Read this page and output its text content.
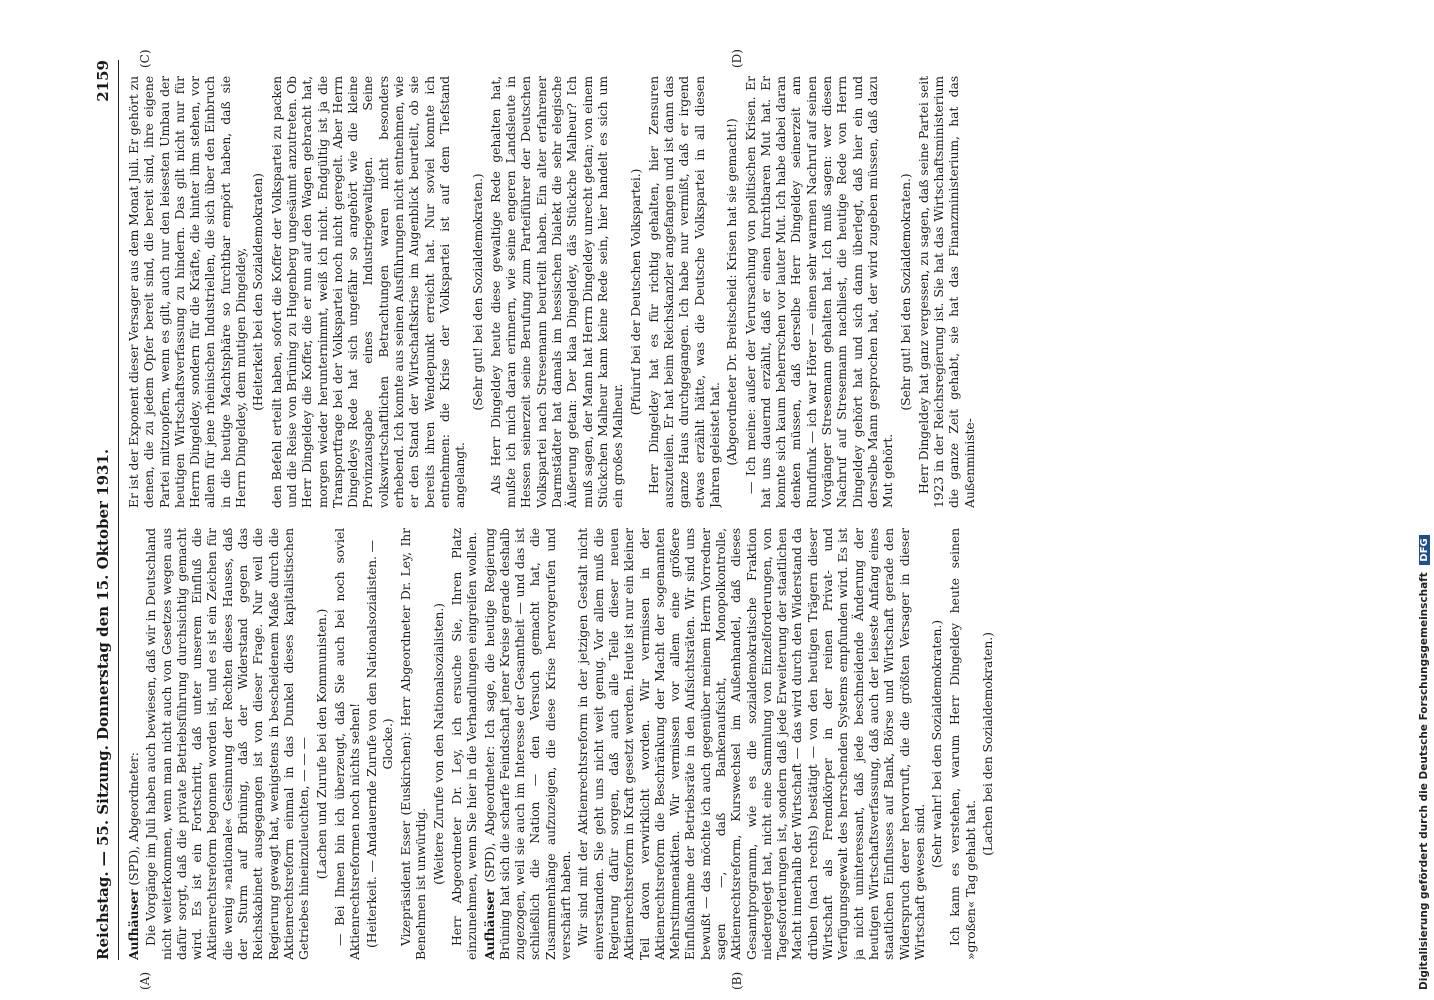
Reichstag. — 55. Sitzung. Donnerstag den 15. Oktober 1931.
2159

Aufhäuser (SPD), Abgeordneter: Die Vorgänge im Juli haben auch bewiesen, daß wir in Deutschland nicht weiterkommen, wenn man nicht auch von Gesetzes wegen aus dafür sorgt, daß die private Betriebsführung durchsichtig gemacht wird. Es ist ein Fortschritt, daß unter unserem Einfluß die Aktienrechtsreform begonnen worden ist, und es ist ein Zeichen für die wenig »nationale« Gesinnung der Rechten dieses Hauses, daß der Sturm auf Brüning, daß der Widerstand gegen das Reichskabinett ausgegangen ist von dieser Frage. Nur weil die Regierung gewagt hat, wenigstens in bescheidenem Maße durch die Aktienrechtsreform einmal in das Dunkel dieses kapitalistischen Getriebes hineinzuleuchten, — — — (Lachen und Zurufe bei den Kommunisten.) — Bei Ihnen bin ich überzeugt, daß Sie auch bei noch soviel Aktienrechtsreformen noch nichts sehen! (Heiterkeit. — Andauernde Zurufe von den Nationalsozialisten. — Glocke.) Vizepräsident Esser (Euskirchen): Herr Abgeordneter Dr. Ley, Ihr Benehmen ist unwürdig. (Weitere Zurufe von den Nationalsozialisten.) Herr Abgeordneter Dr. Ley, ich ersuche Sie, Ihren Platz einzunehmen, wenn Sie hier in die Verhandlungen eingreifen wollen. Aufhäuser (SPD), Abgeordneter: Ich sage, die heutige Regierung Brüning hat sich die scharfe Feindschaft jener Kreise gerade deshalb zugezogen, weil sie auch im Interesse der Gesamtheit — und das ist schließlich die Nation — den Versuch gemacht hat, die Zusammenhänge aufzuzeigen, die diese Krise hervorgerufen und verschärft haben. Wir sind mit der Aktienrechtsreform in der jetzigen Gestalt nicht einverstanden. Sie geht uns nicht weit genug. Vor allem muß die Regierung dafür sorgen, daß auch alle Teile dieser neuen Aktienrechtsreform in Kraft gesetzt werden. Heute ist nur ein kleiner Teil davon verwirklicht worden. Wir vermissen in der Aktienrechtsreform die Beschränkung der Macht der sogenannten Mehrstimmenaktien. Wir vermissen vor allem eine größere Einflußnahme der Betriebsräte in den Aufsichtsräten. Wir sind uns bewußt — das möchte ich auch gegenüber meinem Herrn Vorredner sagen —, daß Bankenaufsicht, Monopolkontrolle, Aktienrechtsreform, Kurswechsel im Außenhandel, daß dieses Gesamtprogramm, wie es die sozialdemokratische Fraktion niedergelegt hat, nicht eine Sammlung von Einzelforderungen, von Tagesforderungen ist, sondern daß jede Erweiterung der staatlichen Macht innerhalb der Wirtschaft — das wird durch den Widerstand da drüben (nach rechts) bestätigt — von den heutigen Trägern dieser Wirtschaft als Fremdkörper in der reinen Privat- und Verfügungsgewalt des herrschenden Systems empfunden wird. Es ist ja nicht uninteressant, daß jede beschneidende Änderung der heutigen Wirtschaftsverfassung, daß auch der leiseste Anfang eines staatlichen Einflusses auf Bank, Börse und Wirtschaft gerade den Widerspruch derer hervorruft, die die größten Versager in dieser Wirtschaft gewesen sind.

(Sehr wahr! bei den Sozialdemokraten.) Ich kann es verstehen, warum Herr Dingeldey heute seinen »großen« Tag gehabt hat.

(Lachen bei den Sozialdemokraten.)

Er ist der Exponent dieser Versager aus dem Monat Juli. Er gehört zu denen, die zu jedem Opfer bereit sind, die bereit sind, ihre eigene Partei mitzuopfern, wenn es gilt, auch nur den leisesten Umbau der heutigen Wirtschaftsverfassung zu hindern. Das gilt nicht nur für Herrn Dingeldey, sondern für die Kräfte, die hinter ihm stehen, vor allem für jene rheinischen Industriellen, die sich über den Einbruch in die heutige Machtsphäre so furchtbar empört haben, daß sie Herrn Dingeldey, dem mutigen Dingeldey, (Heiterkeit bei den Sozialdemokraten) den Befehl erteilt haben, sofort die Koffer der Volkspartei zu packen und die Reise von Brüning zu Hugenberg ungesäumt anzutreten. Ob Herr Dingeldey die Koffer, die er nun auf den Wagen gebracht hat, morgen wieder herunternimmt, weiß ich nicht. Endgültig ist ja die Transportfrage bei der Volkspartei noch nicht geregelt. Aber Herrn Dingeldeys Rede hat sich ungefähr so angehört wie die kleine Provinzausgabe eines Industriegewaltigen. Seine volkswirtschaftlichen Betrachtungen waren nicht besonders erhebend. Ich konnte aus seinen Ausführungen nicht entnehmen, wie er den Stand der Wirtschaftskrise im Augenblick beurteilt, ob sie bereits ihren Wendepunkt erreicht hat. Nur soviel konnte ich entnehmen: die Krise der Volkspartei ist auf dem Tiefstand angelangt.

(Sehr gut! bei den Sozialdemokraten.) Als Herr Dingeldey heute diese gewaltige Rede gehalten hat, mußte ich mich daran erinnern, wie seine engeren Landsleute in Hessen seinerzeit seine Berufung zum Parteiführer der Deutschen Volkspartei nach Stresemann beurteilt haben. Ein alter erfahrener Darmstädter hat damals im hessischen Dialekt die sehr elegische Äußerung getan: Der klaa Dingeldey, däs Stückche Malheur? Ich muß sagen, der Mann hat Herrn Dingeldey unrecht getan; von einem Stückchen Malheur kann keine Rede sein, hier handelt es sich um ein großes Malheur.

(Pfuiruf bei der Deutschen Volkspartei.) Herr Dingeldey hat es für richtig gehalten, hier Zensuren auszuteilen. Er hat beim Reichskanzler angefangen und ist dann das ganze Haus durchgegangen. Ich habe nur vermißt, daß er irgend etwas erzählt hätte, was die Deutsche Volkspartei in all diesen Jahren geleistet hat. (Abgeordneter Dr. Breitscheid: Krisen hat sie gemacht!) — Ich meine: außer der Verursachung von politischen Krisen. Er hat uns dauernd erzählt, daß er einen furchtbaren Mut hat. Er konnte sich kaum beherrschen vor lauter Mut. Ich habe dabei daran denken müssen, daß derselbe Herr Dingeldey seinerzeit am Rundfunk — ich war Hörer — einen sehr warmen Nachruf auf seinen Vorgänger Stresemann gehalten hat. Ich muß sagen: wer diesen Nachruf auf Stresemann nachliest, die heutige Rede von Herrn Dingeldey gehört hat und sich dann überlegt, daß hier ein und derselbe Mann gesprochen hat, der wird zugeben müssen, daß dazu Mut gehört.

(Sehr gut! bei den Sozialdemokraten.) Herr Dingeldey hat ganz vergessen, zu sagen, daß seine Partei seit 1923 in der Reichsregierung ist. Sie hat das Wirtschaftsministerium die ganze Zeit gehabt, sie hat das Finanzministerium, hat das Außenministe-

(A)	(B)
(C)	(D)
Digitalisierung gefördert durch die Deutsche Forschungsgemeinschaft DFG
